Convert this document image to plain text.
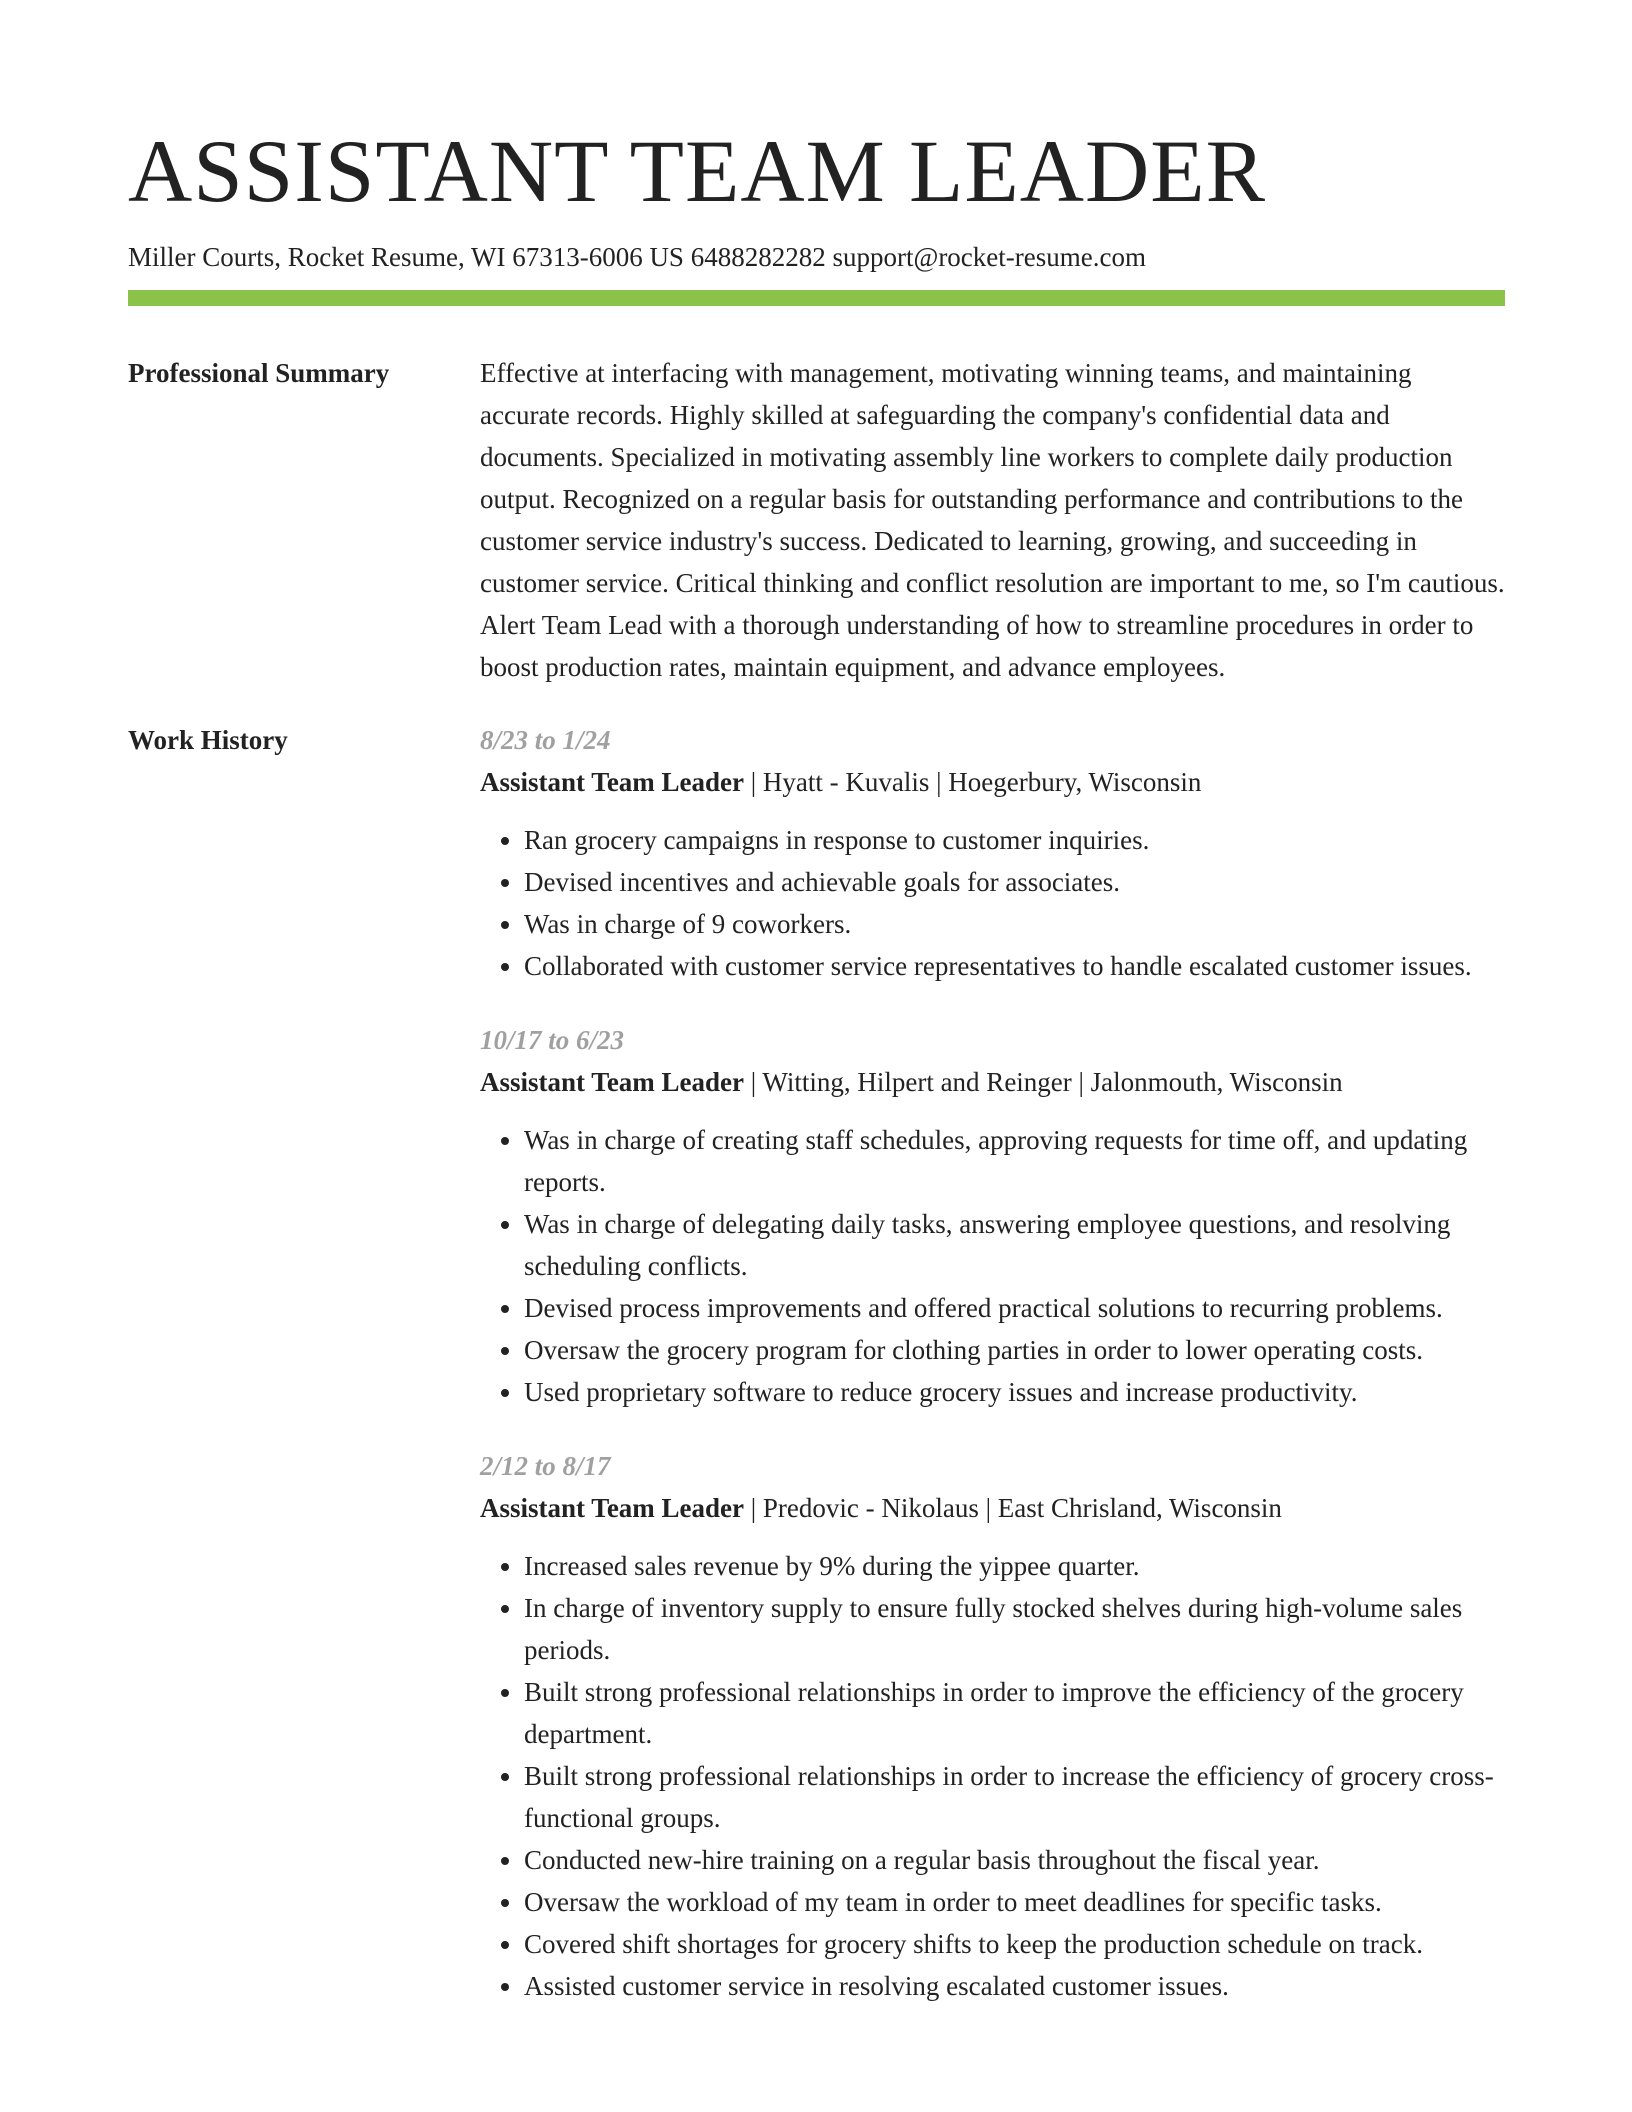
ASSISTANT TEAM LEADER
Miller Courts, Rocket Resume, WI 67313-6006 US 6488282282 support@rocket-resume.com
Professional Summary	Effective at interfacing with management, motivating winning teams, and maintaining accurate records. Highly skilled at safeguarding the company's confidential data and documents. Specialized in motivating assembly line workers to complete daily production output. Recognized on a regular basis for outstanding performance and contributions to the customer service industry's success. Dedicated to learning, growing, and succeeding in customer service. Critical thinking and conflict resolution are important to me, so I'm cautious. Alert Team Lead with a thorough understanding of how to streamline procedures in order to boost production rates, maintain equipment, and advance employees.

Work History	8/23 to 1/24
Assistant Team Leader | Hyatt - Kuvalis | Hoegerbury, Wisconsin
• Ran grocery campaigns in response to customer inquiries.
• Devised incentives and achievable goals for associates.
• Was in charge of 9 coworkers.
• Collaborated with customer service representatives to handle escalated customer issues.
10/17 to 6/23
Assistant Team Leader | Witting, Hilpert and Reinger | Jalonmouth, Wisconsin
• Was in charge of creating staff schedules, approving requests for time off, and updating reports.
• Was in charge of delegating daily tasks, answering employee questions, and resolving scheduling conflicts.
• Devised process improvements and offered practical solutions to recurring problems.
• Oversaw the grocery program for clothing parties in order to lower operating costs.
• Used proprietary software to reduce grocery issues and increase productivity.
2/12 to 8/17
Assistant Team Leader | Predovic - Nikolaus | East Chrisland, Wisconsin
• Increased sales revenue by 9% during the yippee quarter.
• In charge of inventory supply to ensure fully stocked shelves during high-volume sales periods.
• Built strong professional relationships in order to improve the efficiency of the grocery department.
• Built strong professional relationships in order to increase the efficiency of grocery cross-functional groups.
• Conducted new-hire training on a regular basis throughout the fiscal year.
• Oversaw the workload of my team in order to meet deadlines for specific tasks.
• Covered shift shortages for grocery shifts to keep the production schedule on track.
• Assisted customer service in resolving escalated customer issues.
